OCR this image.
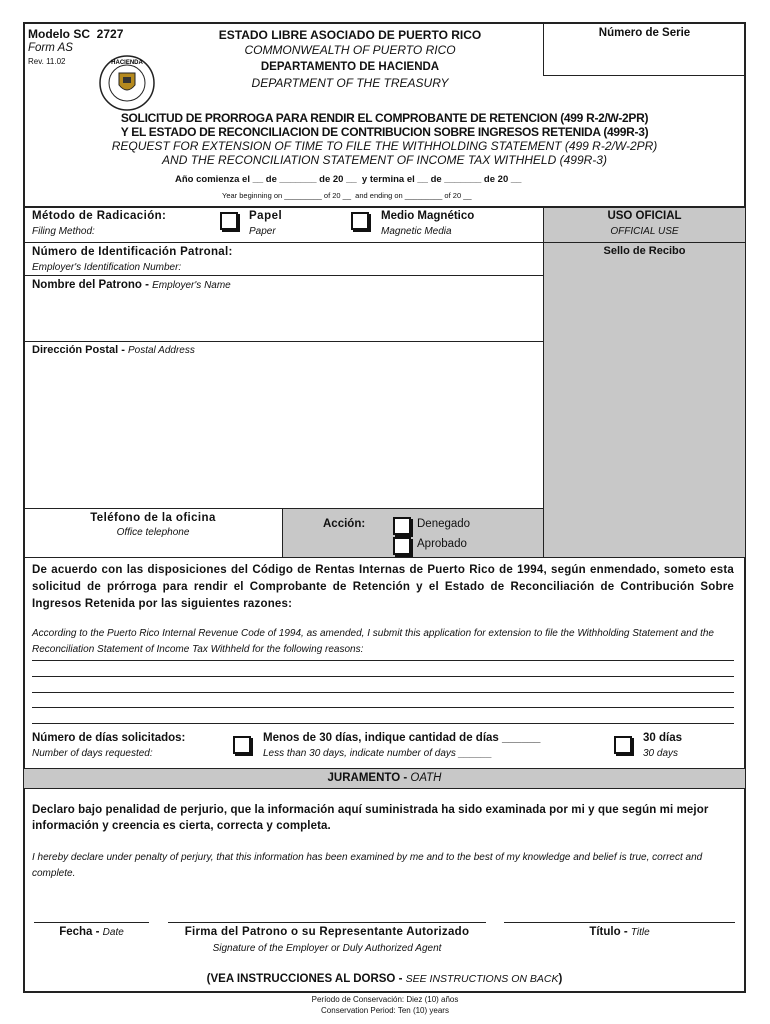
Modelo SC 2727
Form AS
Rev. 11.02	HACIENDA
ESTADO LIBRE ASOCIADO DE PUERTO RICO
COMMONWEALTH OF PUERTO RICO
DEPARTAMENTO DE HACIENDA
DEPARTMENT OF THE TREASURY
Número de Serie
SOLICITUD DE PRORROGA PARA RENDIR EL COMPROBANTE DE RETENCION (499 R-2/W-2PR)
Y EL ESTADO DE RECONCILIACION DE CONTRIBUCION SOBRE INGRESOS RETENIDA (499R-3)
REQUEST FOR EXTENSION OF TIME TO FILE THE WITHHOLDING STATEMENT (499 R-2/W-2PR)
AND THE RECONCILIATION STATEMENT OF INCOME TAX WITHHELD (499R-3)
Año comienza el __ de _______ de 20 __  y termina el __ de _______ de 20 __
Year beginning on _________ of 20 __  and ending on _________ of 20 __
Método de Radicación:
Filing Method:
Papel
Paper
Medio Magnético
Magnetic Media
USO OFICIAL
OFFICIAL USE
Sello de Recibo
Número de Identificación Patronal:
Employer's Identification Number:
Nombre del Patrono - Employer's Name
Dirección Postal - Postal Address
Teléfono de la oficina
Office telephone
Acción:	Denegado
Aprobado
De acuerdo con las disposiciones del Código de Rentas Internas de Puerto Rico de 1994, según enmendado, someto esta solicitud de prórroga para rendir el Comprobante de Retención y el Estado de Reconciliación de Contribución Sobre Ingresos Retenida por las siguientes razones:
According to the Puerto Rico Internal Revenue Code of 1994, as amended, I submit this application for extension to file the Withholding Statement and the Reconciliation Statement of Income Tax Withheld for the following reasons:
Número de días solicitados:
Number of days requested:
Menos de 30 días, indique cantidad de días ______
Less than 30 days, indicate number of days ______
30 días
30 days
JURAMENTO - OATH
Declaro bajo penalidad de perjurio, que la información aquí suministrada ha sido examinada por mi y que según mi mejor información y creencia es cierta, correcta y completa.
I hereby declare under penalty of perjury, that this information has been examined by me and to the best of my knowledge and belief is true, correct and complete.
Fecha - Date	Firma del Patrono o su Representante Autorizado
Signature of the Employer or Duly Authorized Agent
Título - Title
(VEA INSTRUCCIONES AL DORSO - SEE INSTRUCTIONS ON BACK)
Período de Conservación: Diez (10) años
Conservation Period: Ten (10) years
